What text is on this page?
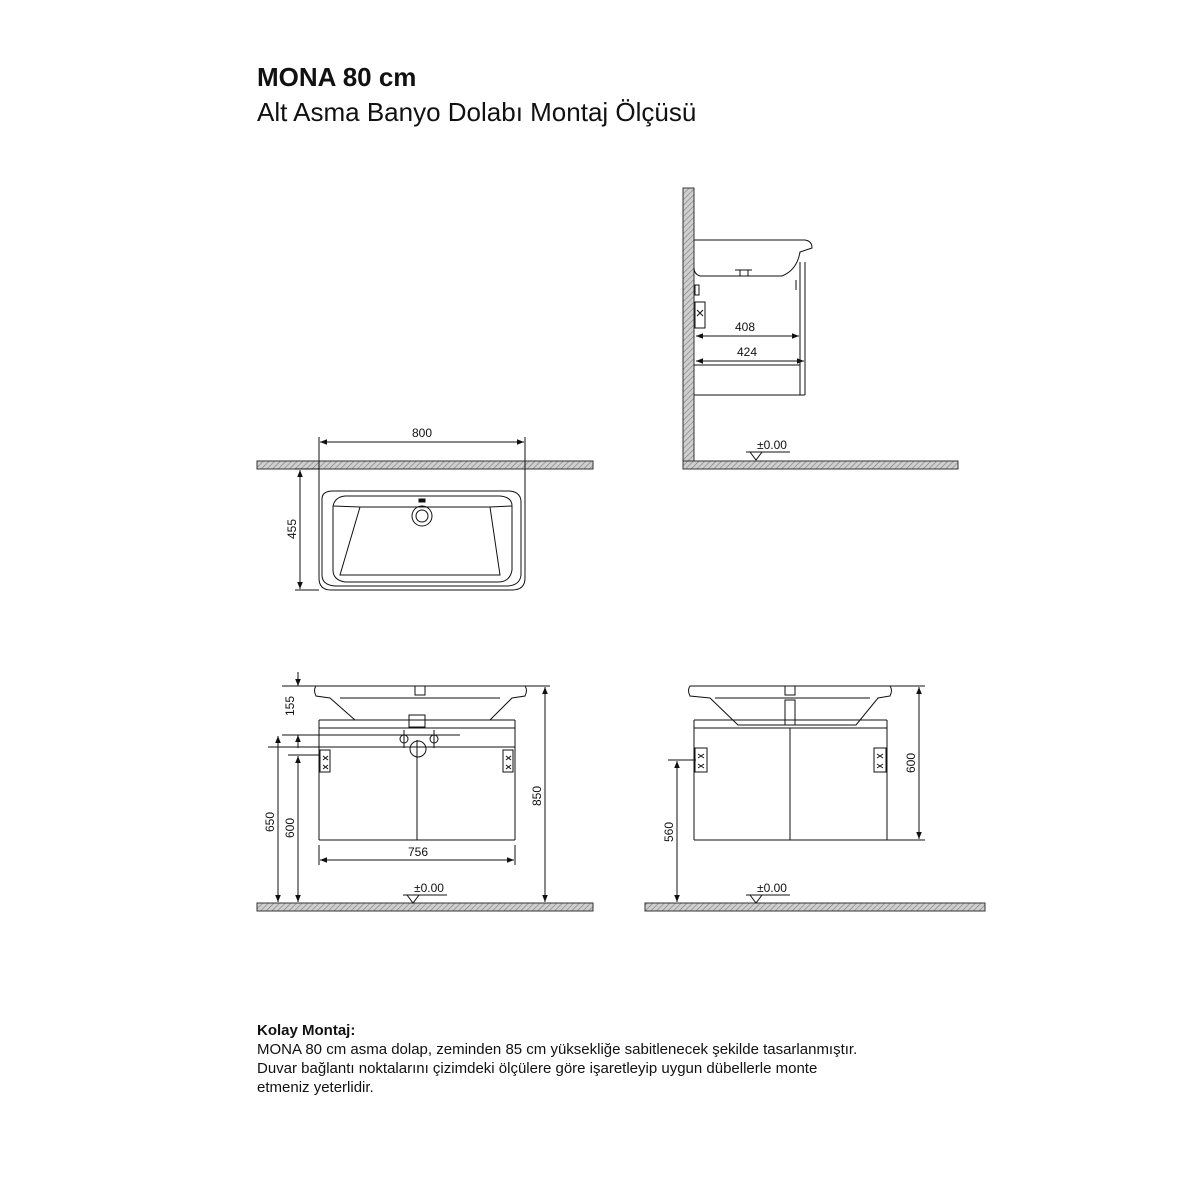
MONA 80 cm
Alt Asma Banyo Dolabı Montaj Ölçüsü
408
424
±0.00
800
455
155
650 600
850
756
±0.00
560
600
±0.00
Kolay Montaj:
MONA 80 cm asma dolap, zeminden 85 cm yüksekliğe sabitlenecek şekilde tasarlanmıştır.
Duvar bağlantı noktalarını çizimdeki ölçülere göre işaretleyip uygun dübellerle monte
etmeniz yeterlidir.
